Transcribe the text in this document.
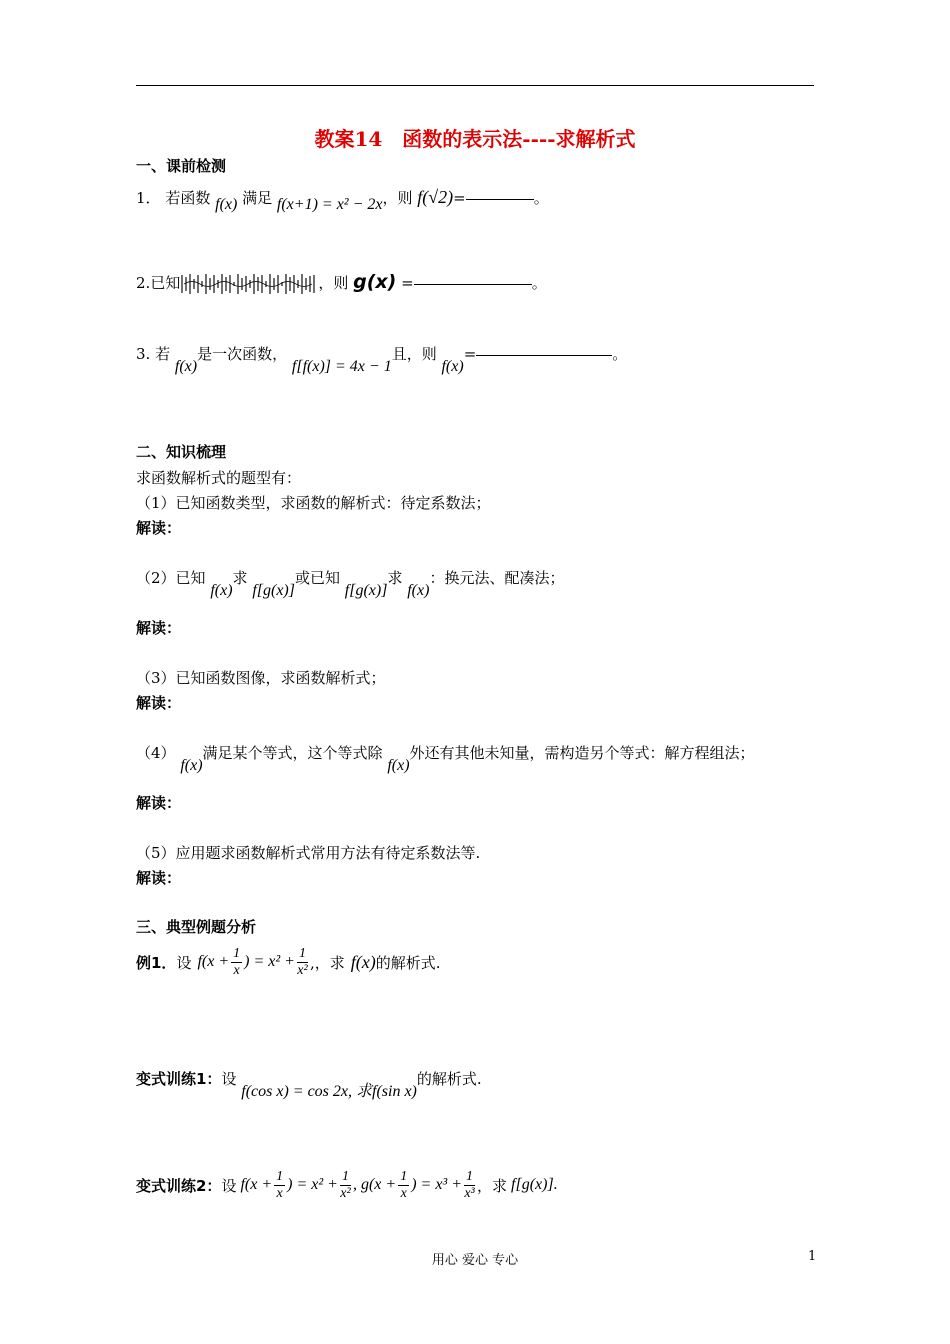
教案14　函数的表示法----求解析式
一、课前检测
1． 若函数 f(x) 满足 f(x+1) = x² − 2x，则 f(√2)=	。
2.已知	，则 g(x) =	。
3. 若 f(x)是一次函数， f[f(x)] = 4x − 1且，则 f(x)=	。
二、知识梳理
求函数解析式的题型有：
（1）已知函数类型，求函数的解析式：待定系数法；
解读：
（2）已知 f(x)求 f[g(x)]或已知 f[g(x)]求 f(x)：换元法、配凑法；
解读：
（3）已知函数图像，求函数解析式；
解读：
（4） f(x)满足某个等式，这个等式除 f(x)外还有其他未知量，需构造另个等式：解方程组法；
解读：
（5）应用题求函数解析式常用方法有待定系数法等.
解读：
三、典型例题分析
例1． 设 $f(x + \frac{1}{x}$ ) = $x^2 + \frac{1}{\text{x²}}$ ,，求 f(x) 的解析式.
变式训练1：设 f(cos x) = cos 2x, 求f(sin x)的解析式.
变式训练2： 设 $f(x + \frac{1}{x}$ ) = $x^2 + \frac{1}{\text{x²}}$ , $g(x + \frac{1}{x}$ ) = $x^3 + \frac{1}{\text{x³}}$ ，求 f[g(x)].
用心 爱心 专心	1
